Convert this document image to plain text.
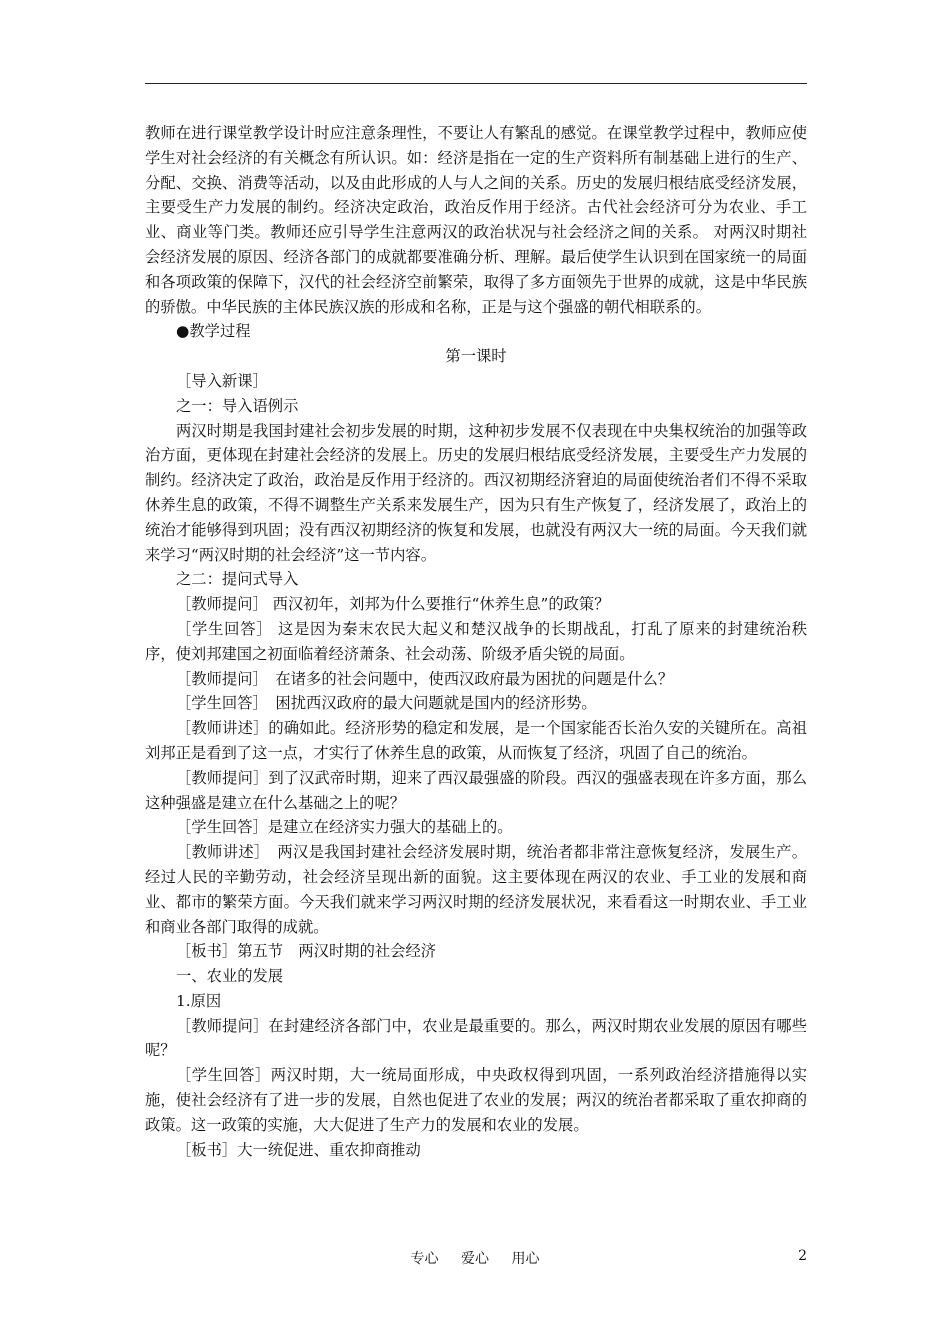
教师在进行课堂教学设计时应注意条理性，不要让人有繁乱的感觉。在课堂教学过程中，教师应使学生对社会经济的有关概念有所认识。如：经济是指在一定的生产资料所有制基础上进行的生产、分配、交换、消费等活动，以及由此形成的人与人之间的关系。历史的发展归根结底受经济发展，主要受生产力发展的制约。经济决定政治，政治反作用于经济。古代社会经济可分为农业、手工业、商业等门类。教师还应引导学生注意两汉的政治状况与社会经济之间的关系。 对两汉时期社会经济发展的原因、经济各部门的成就都要准确分析、理解。最后使学生认识到在国家统一的局面和各项政策的保障下，汉代的社会经济空前繁荣，取得了多方面领先于世界的成就，这是中华民族的骄傲。中华民族的主体民族汉族的形成和名称，正是与这个强盛的朝代相联系的。

●教学过程

第一课时

［导入新课］

之一：导入语例示

两汉时期是我国封建社会初步发展的时期，这种初步发展不仅表现在中央集权统治的加强等政治方面，更体现在封建社会经济的发展上。历史的发展归根结底受经济发展，主要受生产力发展的制约。经济决定了政治，政治是反作用于经济的。西汉初期经济窘迫的局面使统治者们不得不采取休养生息的政策，不得不调整生产关系来发展生产，因为只有生产恢复了，经济发展了，政治上的统治才能够得到巩固；没有西汉初期经济的恢复和发展，也就没有两汉大一统的局面。今天我们就来学习“两汉时期的社会经济”这一节内容。

之二：提问式导入

［教师提问］ 西汉初年，刘邦为什么要推行“休养生息”的政策？

［学生回答］ 这是因为秦末农民大起义和楚汉战争的长期战乱，打乱了原来的封建统治秩序，使刘邦建国之初面临着经济萧条、社会动荡、阶级矛盾尖锐的局面。

［教师提问］　在诸多的社会问题中，使西汉政府最为困扰的问题是什么？

［学生回答］　困扰西汉政府的最大问题就是国内的经济形势。

［教师讲述］的确如此。经济形势的稳定和发展，是一个国家能否长治久安的关键所在。高祖刘邦正是看到了这一点，才实行了休养生息的政策，从而恢复了经济，巩固了自己的统治。

［教师提问］到了汉武帝时期，迎来了西汉最强盛的阶段。西汉的强盛表现在许多方面，那么这种强盛是建立在什么基础之上的呢？

［学生回答］是建立在经济实力强大的基础上的。

［教师讲述］　两汉是我国封建社会经济发展时期，统治者都非常注意恢复经济，发展生产。经过人民的辛勤劳动，社会经济呈现出新的面貌。这主要体现在两汉的农业、手工业的发展和商业、都市的繁荣方面。今天我们就来学习两汉时期的经济发展状况，来看看这一时期农业、手工业和商业各部门取得的成就。

［板书］第五节　两汉时期的社会经济

一、农业的发展

1.原因

［教师提问］在封建经济各部门中，农业是最重要的。那么，两汉时期农业发展的原因有哪些呢？

［学生回答］两汉时期，大一统局面形成，中央政权得到巩固，一系列政治经济措施得以实施，使社会经济有了进一步的发展，自然也促进了农业的发展；两汉的统治者都采取了重农抑商的政策。这一政策的实施，大大促进了生产力的发展和农业的发展。

［板书］大一统促进、重农抑商推动

专心 爱心 用心	2
